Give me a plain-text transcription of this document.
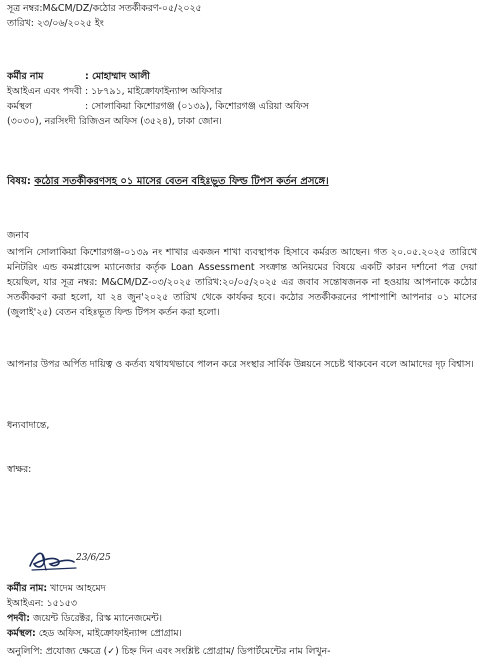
সূত্র নম্বর:M&CM/DZ/কঠোর সতর্কীকরণ-০৫/২০২৫
তারিখ: ২৩/০৬/২০২৫ ইং
কর্মীর নাম	: মোহাম্মাদ আলী
ইআইএন এবং পদবী : ১৮৭৯১, মাইক্রোফাইন্যান্স অফিসার
কর্মস্থল	: সোলাকিয়া কিশোরগঞ্জ (০১৩৯), কিশোরগঞ্জ এরিয়া অফিস
(৩০৩০), নরসিংদী রিজিওন অফিস (৩৫২৪), ঢাকা জোন।
বিষয়: কঠোর সতর্কীকরণসহ ০১ মাসের বেতন বহিঃভূত ফিল্ড টিপস কর্তন প্রসঙ্গে।
জনাব
আপনি সোলাকিয়া কিশোরগঞ্জ-০১৩৯ নং শাখার একজন শাখা ব্যবস্থাপক হিসাবে কর্মরত আছেন। গত ২০.০৫.২০২৫ তারিখে মনিটরিং এন্ড কমপ্লায়েন্স ম্যানেজার কর্তৃক Loan Assessment সংক্রান্ত অনিয়মের বিষয়ে একটি কারন দর্শানো পত্র দেয়া হয়েছিল, যার সূত্র নম্বর: M&CM/DZ-০৩/২০২৫ তারিখ:২০/০৫/২০২৫ এর জবাব সন্তোষজনক না হওয়ায় আপনাকে কঠোর সতর্কীকরণ করা হলো, যা ২৪ জুন'২০২৫ তারিখ থেকে কার্যকর হবে। কঠোর সতর্কীকরনের পাশাপাশি আপনার ০১ মাসের (জুলাই'২৫) বেতন বহিঃভূত ফিল্ড টিপস কর্তন করা হলো।
আপনার উপর অর্পিত দায়িত্ব ও কর্তব্য যথাযথভাবে পালন করে সংস্থার সার্বিক উন্নয়নে সচেষ্ট থাকবেন বলে আমাদের দৃঢ় বিশ্বাস।
ধন্যবাদান্তে,
স্বাক্ষর:
23/6/25
কর্মীর নাম: খাদেম আহমেদ
ইআইএন: ১৫১৫৩
পদবী: জয়েন্ট ডিরেক্টর, রিস্ক ম্যানেজমেন্ট।
কর্মস্থল: হেড অফিস, মাইক্রোফাইন্যান্স প্রোগ্রাম।
অনুলিপি: প্রযোজ্য ক্ষেত্রে (✓) চিহ্ন দিন এবং সংশ্লিষ্ট প্রোগ্রাম/ ডিপার্টমেন্টের নাম লিখুন-
